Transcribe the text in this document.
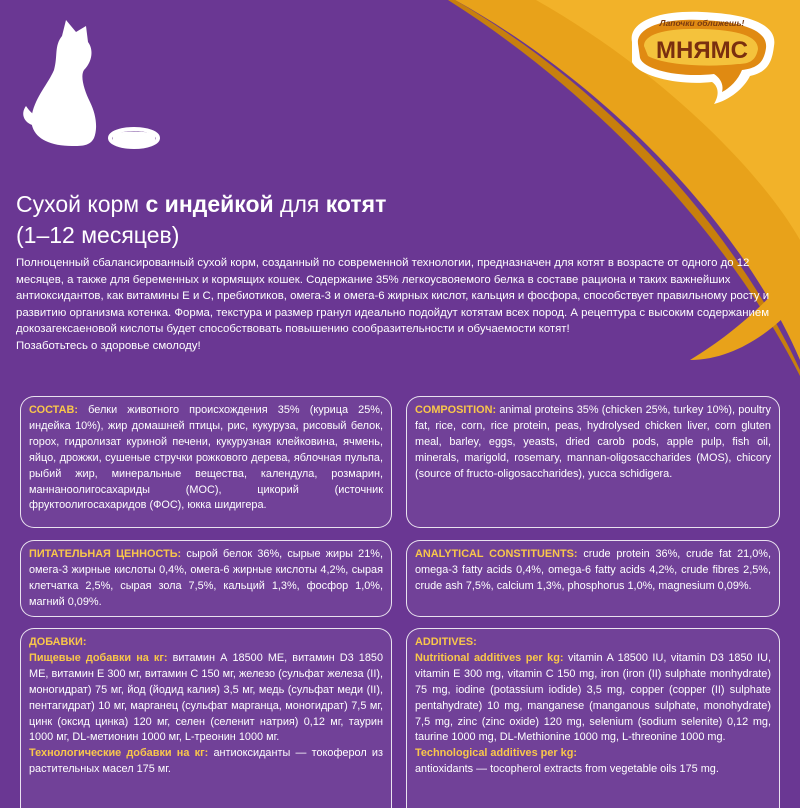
Лапочки оближешь!
МНЯМС
Сухой корм с индейкой для котят
(1–12 месяцев)
Полноценный сбалансированный сухой корм, созданный по современной технологии, предназначен для котят в возрасте от одного до 12 месяцев, а также для беременных и кормящих кошек. Содержание 35% легкоусвояемого белка в составе рациона и таких важнейших антиоксидантов, как витамины Е и С, пребиотиков, омега-3 и омега-6 жирных кислот, кальция и фосфора, способствует правильному росту и развитию организма котенка. Форма, текстура и размер гранул идеально подойдут котятам всех пород. А рецептура с высоким содержанием докозагексаеновой кислоты будет способствовать повышению сообразительности и обучаемости котят!
Позаботьтесь о здоровье смолоду!
СОСТАВ: белки животного происхождения 35% (курица 25%, индейка 10%), жир домашней птицы, рис, кукуруза, рисовый белок, горох, гидролизат куриной печени, кукурузная клейковина, ячмень, яйцо, дрожжи, сушеные стручки рожкового дерева, яблочная пульпа, рыбий жир, минеральные вещества, календула, розмарин, маннаноолигосахариды (МОС), цикорий (источник фруктоолигосахаридов (ФОС), юкка шидигера.
COMPOSITION: animal proteins 35% (chicken 25%, turkey 10%), poultry fat, rice, corn, rice protein, peas, hydrolysed chicken liver, corn gluten meal, barley, eggs, yeasts, dried carob pods, apple pulp, fish oil, minerals, marigold, rosemary, mannan-oligosaccharides (MOS), chicory (source of fructo-oligosaccharides), yucca schidigera.
ПИТАТЕЛЬНАЯ ЦЕННОСТЬ: сырой белок 36%, сырые жиры 21%, омега-3 жирные кислоты 0,4%, омега-6 жирные кислоты 4,2%, сырая клетчатка 2,5%, сырая зола 7,5%, кальций 1,3%, фосфор 1,0%, магний 0,09%.
ANALYTICAL CONSTITUENTS: crude protein 36%, crude fat 21,0%, omega-3 fatty acids 0,4%, omega-6 fatty acids 4,2%, crude fibres 2,5%, crude ash 7,5%, calcium 1,3%, phosphorus 1,0%, magnesium 0,09%.
ДОБАВКИ:
Пищевые добавки на кг: витамин А 18500 МЕ, витамин D3 1850 МЕ, витамин Е 300 мг, витамин С 150 мг, железо (сульфат железа (II), моногидрат) 75 мг, йод (йодид калия) 3,5 мг, медь (сульфат меди (II), пентагидрат) 10 мг, марганец (сульфат марганца, моногидрат) 7,5 мг, цинк (оксид цинка) 120 мг, селен (селенит натрия) 0,12 мг, таурин 1000 мг, DL-метионин 1000 мг, L-треонин 1000 мг.
Технологические добавки на кг: антиоксиданты — токоферол из растительных масел 175 мг.
ADDITIVES:
Nutritional additives per kg: vitamin A 18500 IU, vitamin D3 1850 IU, vitamin E 300 mg, vitamin C 150 mg, iron (iron (II) sulphate monhydrate) 75 mg, iodine (potassium iodide) 3,5 mg, copper (copper (II) sulphate pentahydrate) 10 mg, manganese (manganous sulphate, monohydrate) 7,5 mg, zinc (zinc oxide) 120 mg, selenium (sodium selenite) 0,12 mg, taurine 1000 mg, DL-Methionine 1000 mg, L-threonine 1000 mg.

Technological additives per kg:
antioxidants — tocopherol extracts from vegetable oils 175 mg.
